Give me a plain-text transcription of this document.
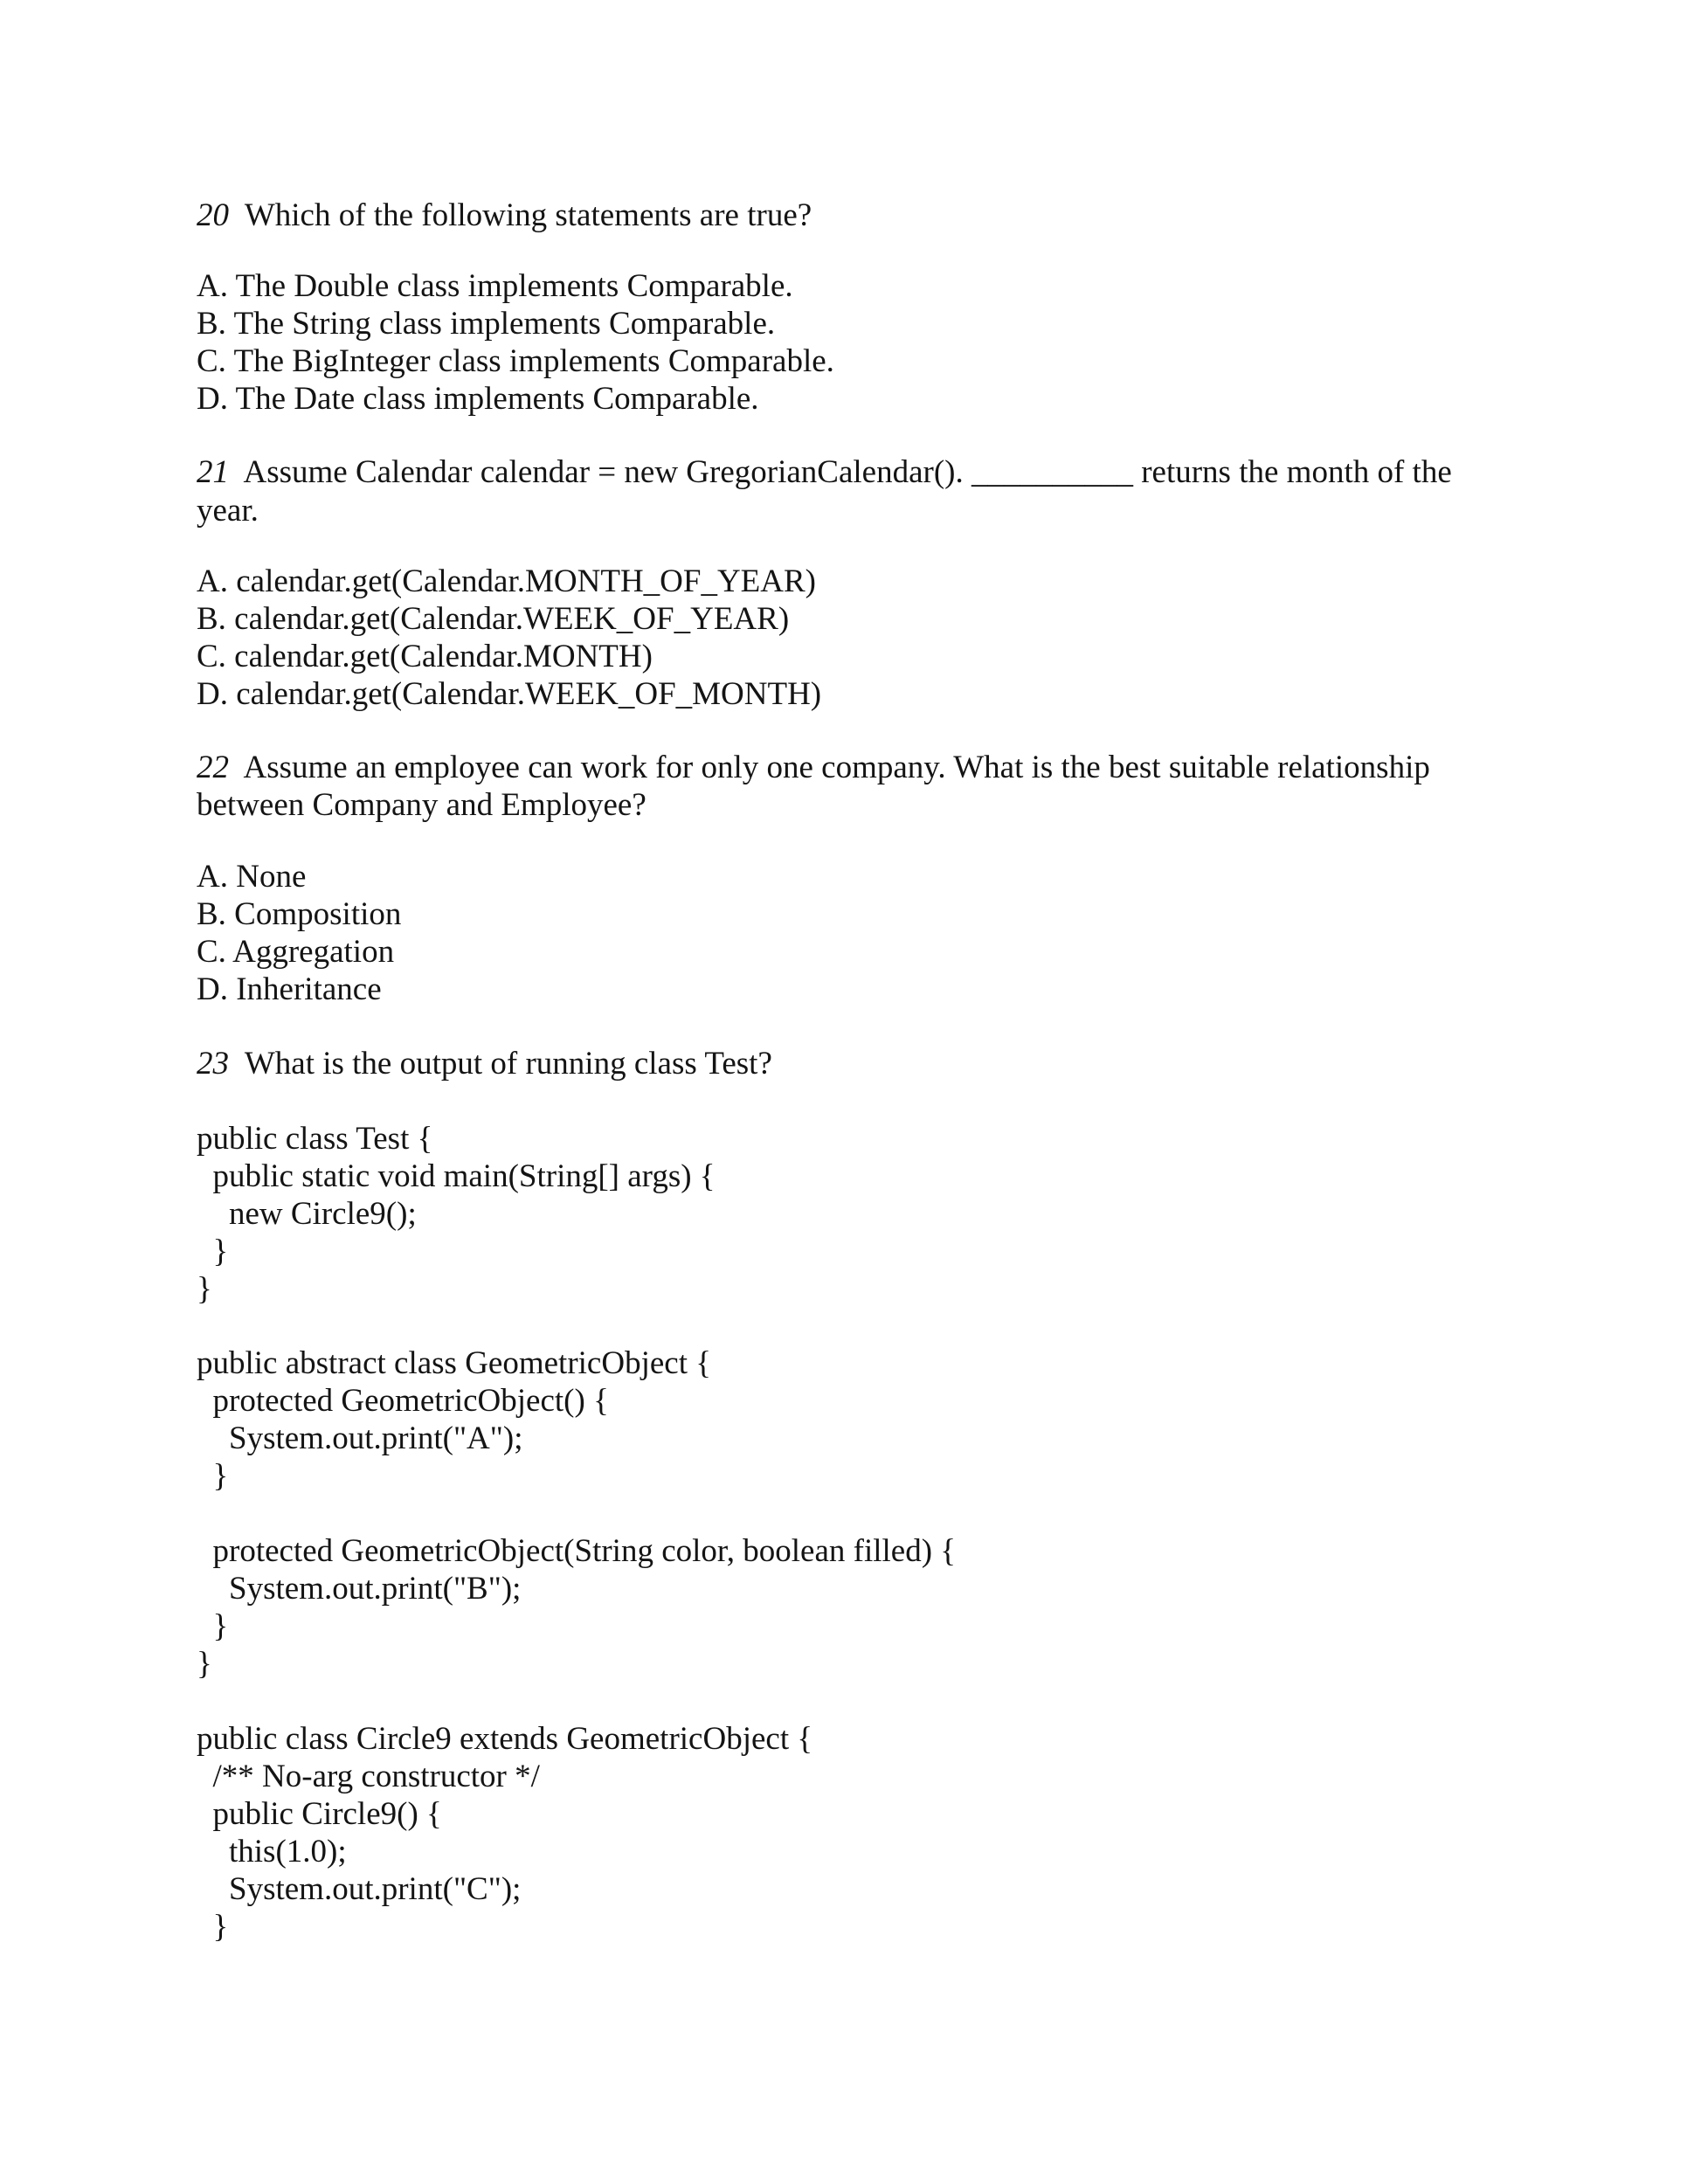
20 Which of the following statements are true?
A. The Double class implements Comparable.
B. The String class implements Comparable.
C. The BigInteger class implements Comparable.
D. The Date class implements Comparable.
21 Assume Calendar calendar = new GregorianCalendar(). __________ returns the month of the
year.
A. calendar.get(Calendar.MONTH_OF_YEAR)
B. calendar.get(Calendar.WEEK_OF_YEAR)
C. calendar.get(Calendar.MONTH)
D. calendar.get(Calendar.WEEK_OF_MONTH)
22 Assume an employee can work for only one company. What is the best suitable relationship
between Company and Employee?
A. None
B. Composition
C. Aggregation
D. Inheritance
23 What is the output of running class Test?
public class Test {
public static void main(String[] args) {
new Circle9();
}
}
public abstract class GeometricObject {
protected GeometricObject() {
System.out.print("A");
}
protected GeometricObject(String color, boolean filled) {
System.out.print("B");
}
}
public class Circle9 extends GeometricObject {
/** No-arg constructor */
public Circle9() {
this(1.0);
System.out.print("C");
}
